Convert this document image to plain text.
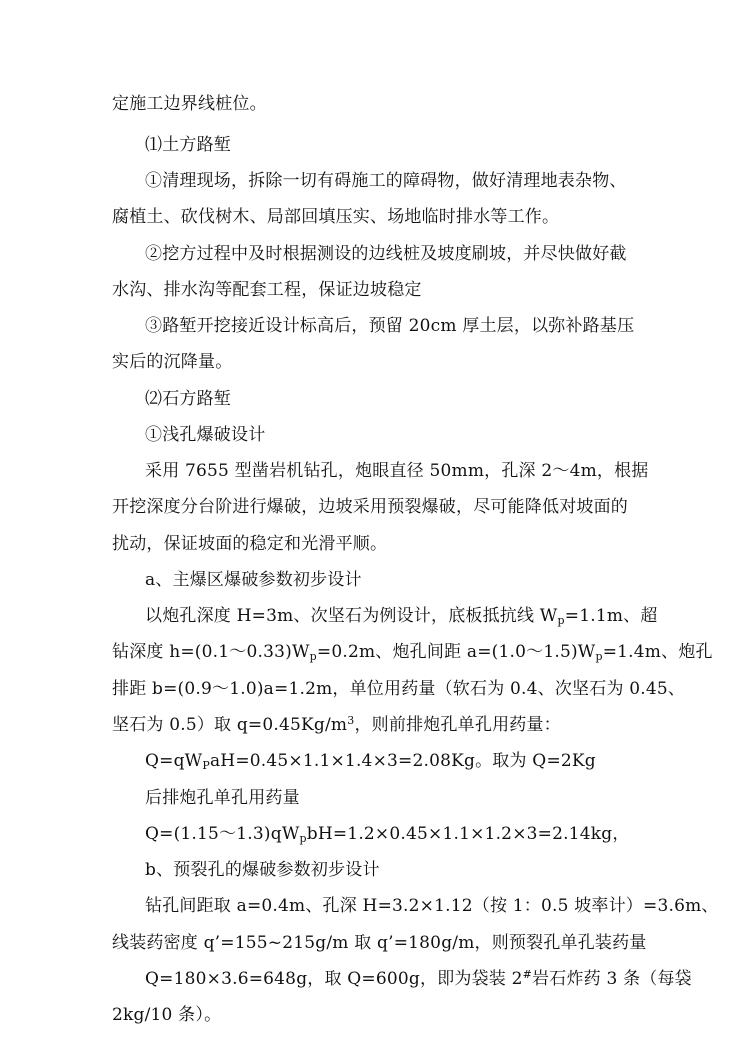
定施工边界线桩位。
⑴土方路堑
①清理现场，拆除一切有碍施工的障碍物，做好清理地表杂物、
腐植土、砍伐树木、局部回填压实、场地临时排水等工作。
②挖方过程中及时根据测设的边线桩及坡度刷坡，并尽快做好截
水沟、排水沟等配套工程，保证边坡稳定
③路堑开挖接近设计标高后，预留 20cm 厚土层，以弥补路基压
实后的沉降量。
⑵石方路堑
①浅孔爆破设计
采用 7655 型凿岩机钻孔，炮眼直径 50mm，孔深 2～4m，根据
开挖深度分台阶进行爆破，边坡采用预裂爆破，尽可能降低对坡面的
扰动，保证坡面的稳定和光滑平顺。
a、主爆区爆破参数初步设计
以炮孔深度 H=3m、次坚石为例设计，底板抵抗线 $W_p=1.1m$、超
钻深度 $h=(0.1\sim 0.33)W_p=0.2m$、炮孔间距 $a=(1.0\sim 1.5)W_p=1.4m$、炮孔
排距 b=(0.9～1.0)a=1.2m，单位用药量（软石为 0.4、次坚石为 0.45、
坚石为 0.5）取 $q=0.45Kg/m^3$，则前排炮孔单孔用药量：
$Q=qW_PaH=0.45\times 1.1\times 1.4\times 3=2.08Kg$。取为 Q=2Kg
后排炮孔单孔用药量
$Q=(1.15\sim 1.3)qW_pbH=1.2\times 0.45\times 1.1\times 1.2\times 3=2.14kg$，
b、预裂孔的爆破参数初步设计
钻孔间距取 a=0.4m、孔深 H=3.2×1.12（按 1：0.5 坡率计）=3.6m、
线装药密度 q’=155~215g/m 取 q’=180g/m，则预裂孔单孔装药量
Q=180×3.6=648g，取 Q=600g，即为袋装 2#岩石炸药 3 条（每袋
2kg/10 条）。
